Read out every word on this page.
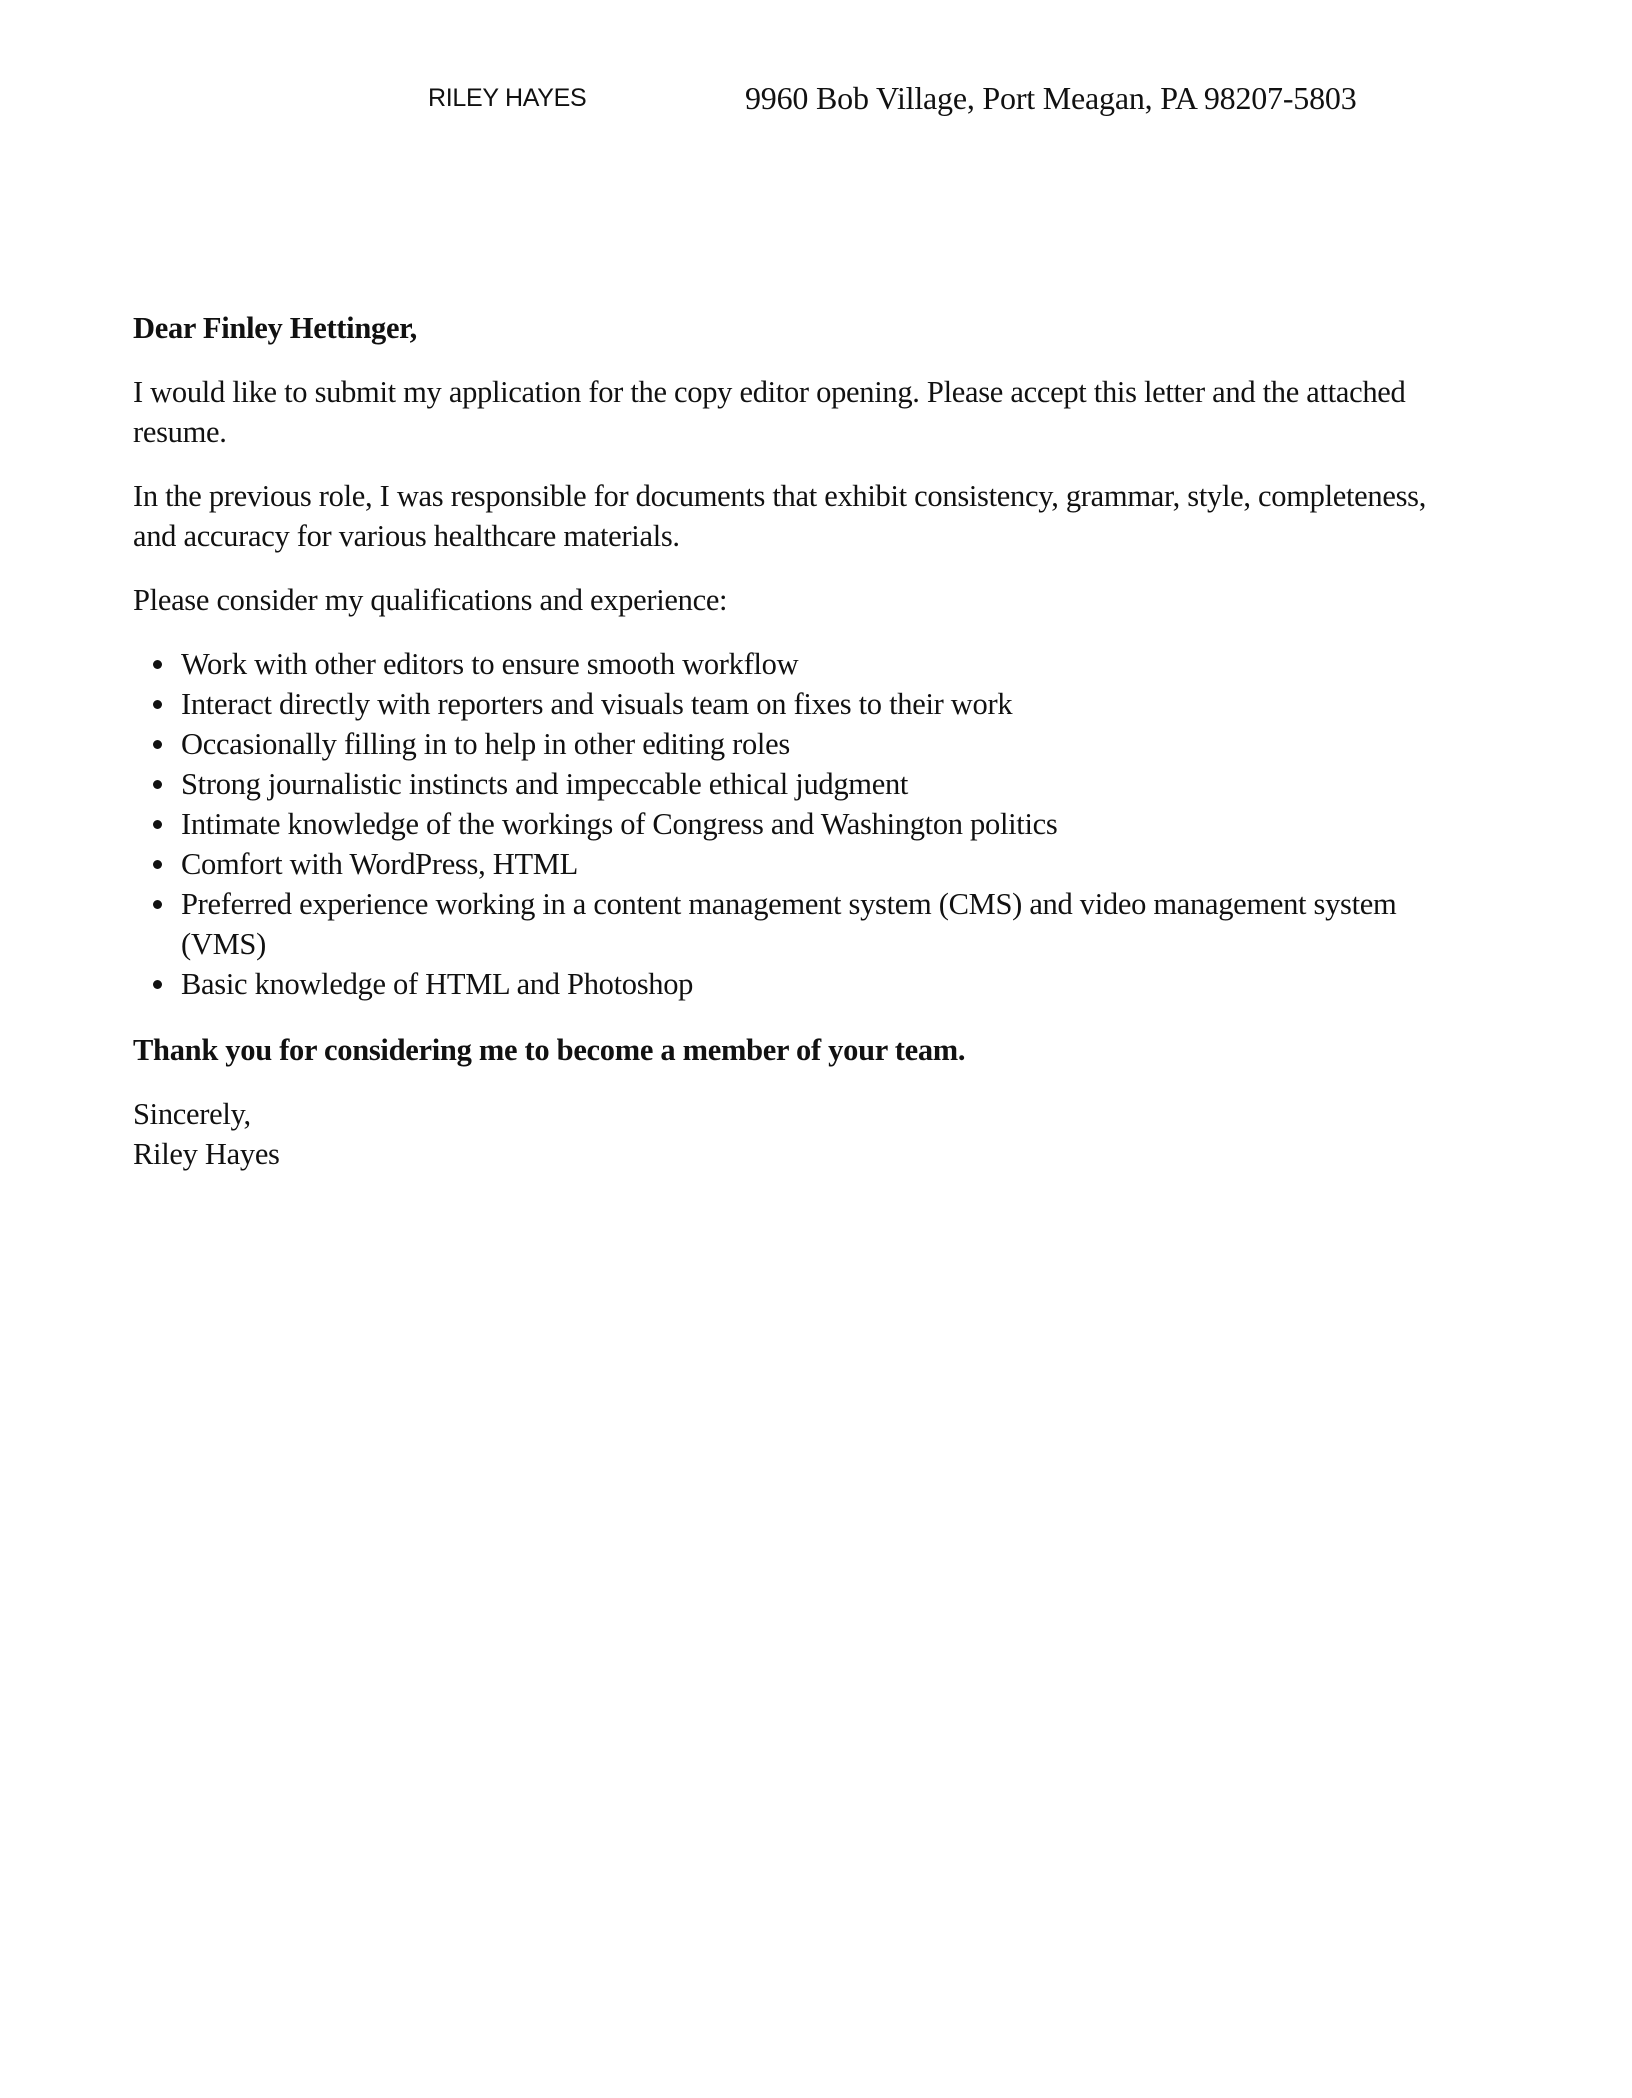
RILEY HAYES	9960 Bob Village, Port Meagan, PA 98207-5803

Dear Finley Hettinger,

I would like to submit my application for the copy editor opening. Please accept this letter and the attached resume.

In the previous role, I was responsible for documents that exhibit consistency, grammar, style, completeness, and accuracy for various healthcare materials.

Please consider my qualifications and experience:

Work with other editors to ensure smooth workflow
Interact directly with reporters and visuals team on fixes to their work
Occasionally filling in to help in other editing roles
Strong journalistic instincts and impeccable ethical judgment
Intimate knowledge of the workings of Congress and Washington politics
Comfort with WordPress, HTML
Preferred experience working in a content management system (CMS) and video management system (VMS)
Basic knowledge of HTML and Photoshop

Thank you for considering me to become a member of your team.

Sincerely,
Riley Hayes
